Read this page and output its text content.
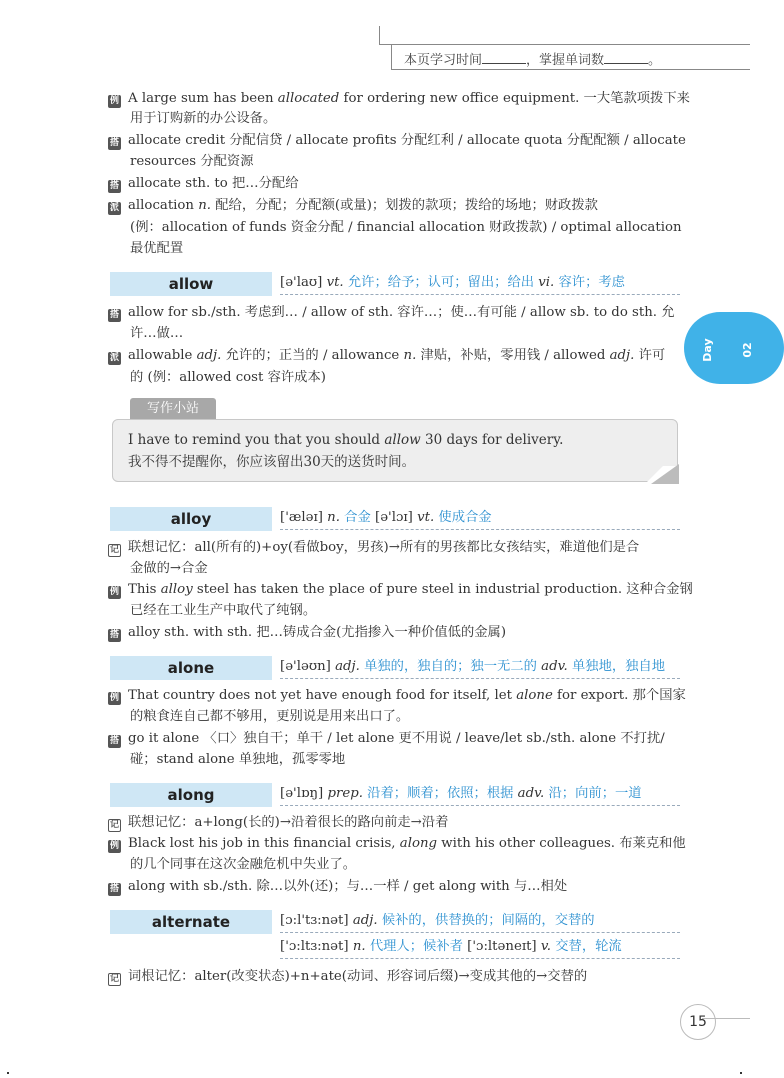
本页学习时间	，掌握单词数	。
Day 02
例 A large sum has been allocated for ordering new office equipment. 一大笔款项拨下来
用于订购新的办公设备。
搭 allocate credit 分配信贷 / allocate profits 分配红利 / allocate quota 分配配额 / allocate
resources 分配资源
搭 allocate sth. to 把…分配给
派 allocation n. 配给，分配；分配额(或量)；划拨的款项；拨给的场地；财政拨款
(例：allocation of funds 资金分配 / financial allocation 财政拨款) / optimal allocation
最优配置
allow	[ə'laʊ] vt. 允许；给予；认可；留出；给出 vi. 容许；考虑
搭 allow for sb./sth. 考虑到… / allow of sth. 容许…；使…有可能 / allow sb. to do sth. 允
许…做…
派 allowable adj. 允许的；正当的 / allowance n. 津贴，补贴，零用钱 / allowed adj. 许可
的 (例：allowed cost 容许成本)
写作小站
I have to remind you that you should allow 30 days for delivery.
我不得不提醒你，你应该留出30天的送货时间。
alloy	['æləɪ] n. 合金 [ə'lɔɪ] vt. 使成合金
记 联想记忆：all(所有的)+oy(看做boy，男孩)→所有的男孩都比女孩结实，难道他们是合
金做的→合金
例 This alloy steel has taken the place of pure steel in industrial production. 这种合金钢
已经在工业生产中取代了纯钢。
搭 alloy sth. with sth. 把…铸成合金(尤指掺入一种价值低的金属)
alone	[ə'ləʊn] adj. 单独的，独自的；独一无二的 adv. 单独地，独自地
例 That country does not yet have enough food for itself, let alone for export. 那个国家
的粮食连自己都不够用，更别说是用来出口了。
搭 go it alone 〈口〉独自干；单干 / let alone 更不用说 / leave/let sb./sth. alone 不打扰/
碰；stand alone 单独地，孤零零地
along	[ə'lɒŋ] prep. 沿着；顺着；依照；根据 adv. 沿；向前；一道
记 联想记忆：a+long(长的)→沿着很长的路向前走→沿着
例 Black lost his job in this financial crisis, along with his other colleagues. 布莱克和他
的几个同事在这次金融危机中失业了。
搭 along with sb./sth. 除…以外(还)；与…一样 / get along with 与…相处
alternate	[ɔ:l'tɜ:nət] adj. 候补的，供替换的；间隔的，交替的
['ɔ:ltɜ:nət] n. 代理人；候补者 ['ɔ:ltəneɪt] v. 交替，轮流
记 词根记忆：alter(改变状态)+n+ate(动词、形容词后缀)→变成其他的→交替的
15
